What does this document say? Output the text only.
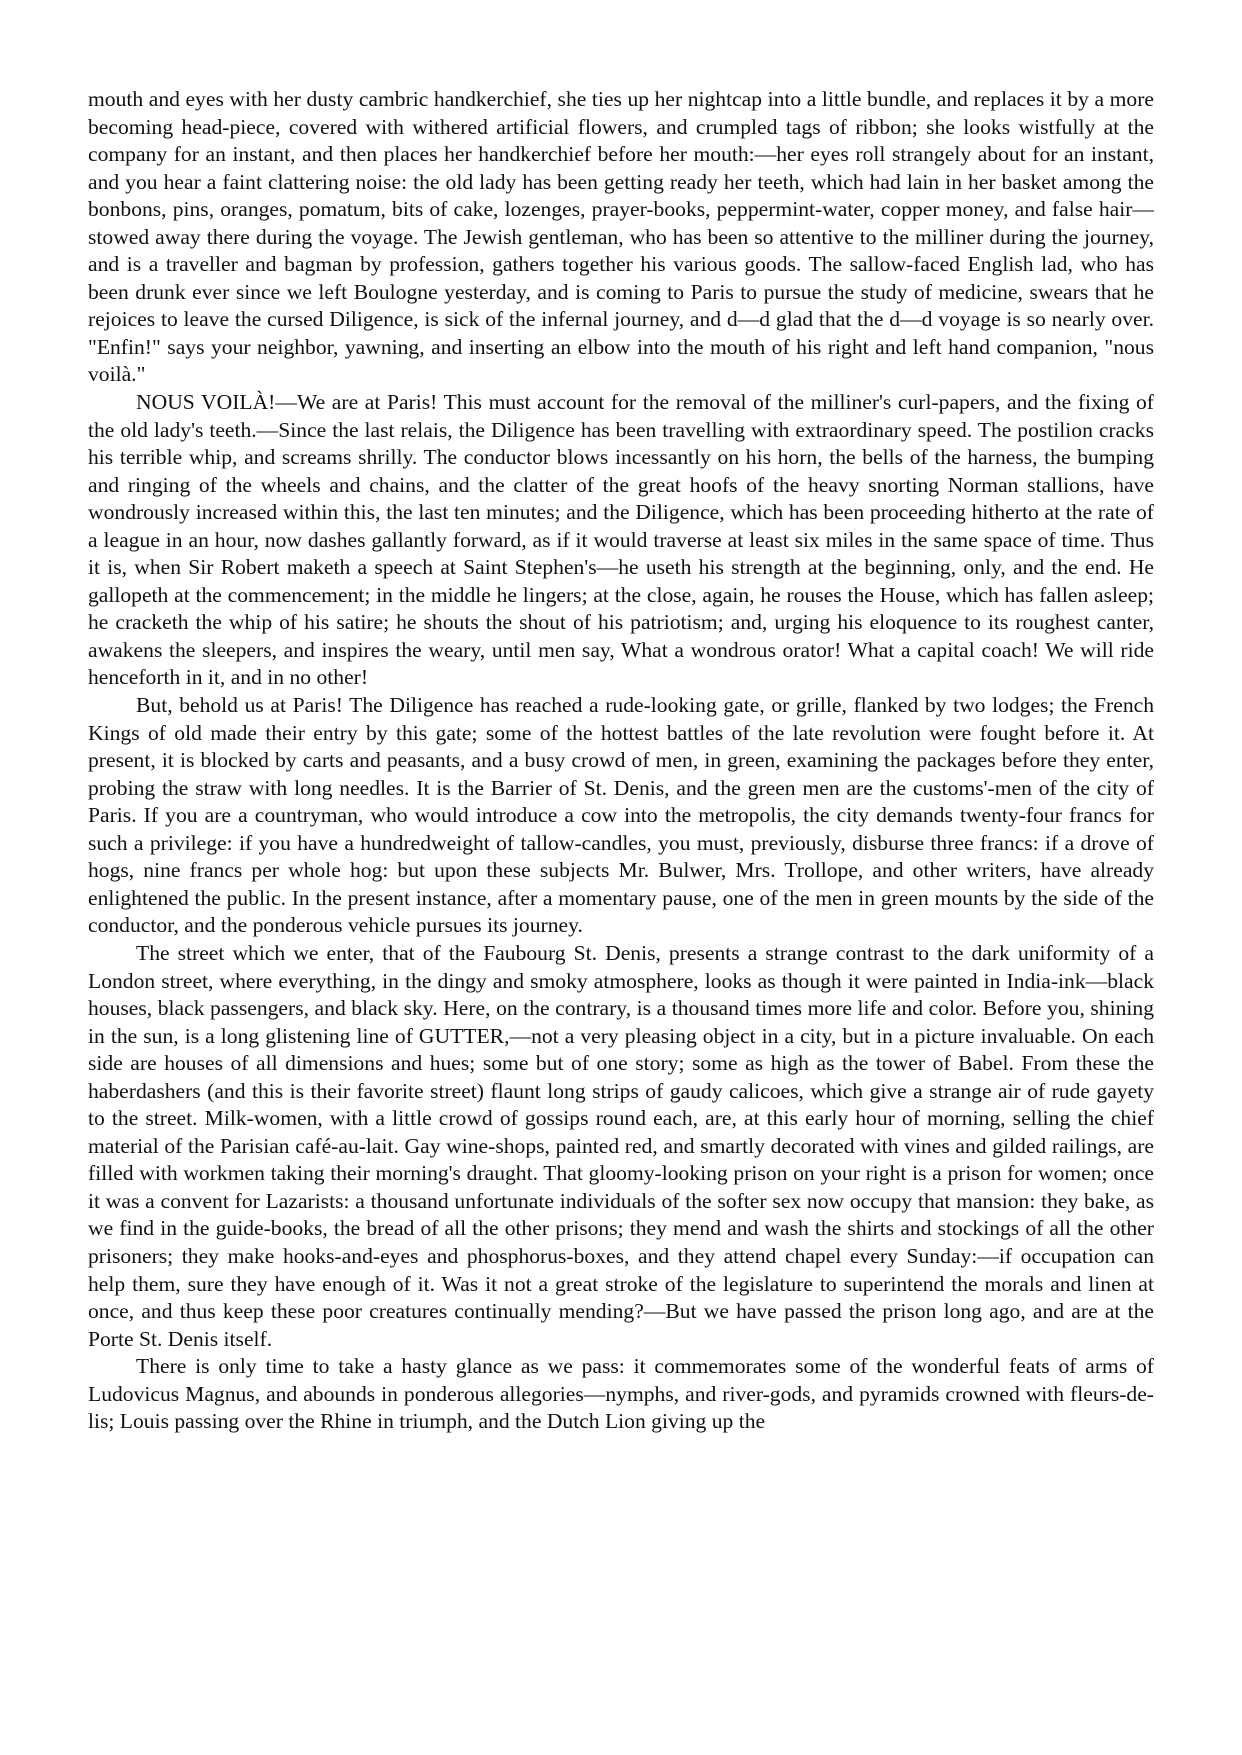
mouth and eyes with her dusty cambric handkerchief, she ties up her nightcap into a little bundle, and replaces it by a more becoming head-piece, covered with withered artificial flowers, and crumpled tags of ribbon; she looks wistfully at the company for an instant, and then places her handkerchief before her mouth:—her eyes roll strangely about for an instant, and you hear a faint clattering noise: the old lady has been getting ready her teeth, which had lain in her basket among the bonbons, pins, oranges, pomatum, bits of cake, lozenges, prayer-books, peppermint-water, copper money, and false hair—stowed away there during the voyage. The Jewish gentleman, who has been so attentive to the milliner during the journey, and is a traveller and bagman by profession, gathers together his various goods. The sallow-faced English lad, who has been drunk ever since we left Boulogne yesterday, and is coming to Paris to pursue the study of medicine, swears that he rejoices to leave the cursed Diligence, is sick of the infernal journey, and d—d glad that the d—d voyage is so nearly over. "Enfin!" says your neighbor, yawning, and inserting an elbow into the mouth of his right and left hand companion, "nous voilà."

NOUS VOILÀ!—We are at Paris! This must account for the removal of the milliner's curl-papers, and the fixing of the old lady's teeth.—Since the last relais, the Diligence has been travelling with extraordinary speed. The postilion cracks his terrible whip, and screams shrilly. The conductor blows incessantly on his horn, the bells of the harness, the bumping and ringing of the wheels and chains, and the clatter of the great hoofs of the heavy snorting Norman stallions, have wondrously increased within this, the last ten minutes; and the Diligence, which has been proceeding hitherto at the rate of a league in an hour, now dashes gallantly forward, as if it would traverse at least six miles in the same space of time. Thus it is, when Sir Robert maketh a speech at Saint Stephen's—he useth his strength at the beginning, only, and the end. He gallopeth at the commencement; in the middle he lingers; at the close, again, he rouses the House, which has fallen asleep; he cracketh the whip of his satire; he shouts the shout of his patriotism; and, urging his eloquence to its roughest canter, awakens the sleepers, and inspires the weary, until men say, What a wondrous orator! What a capital coach! We will ride henceforth in it, and in no other!

But, behold us at Paris! The Diligence has reached a rude-looking gate, or grille, flanked by two lodges; the French Kings of old made their entry by this gate; some of the hottest battles of the late revolution were fought before it. At present, it is blocked by carts and peasants, and a busy crowd of men, in green, examining the packages before they enter, probing the straw with long needles. It is the Barrier of St. Denis, and the green men are the customs'-men of the city of Paris. If you are a countryman, who would introduce a cow into the metropolis, the city demands twenty-four francs for such a privilege: if you have a hundredweight of tallow-candles, you must, previously, disburse three francs: if a drove of hogs, nine francs per whole hog: but upon these subjects Mr. Bulwer, Mrs. Trollope, and other writers, have already enlightened the public. In the present instance, after a momentary pause, one of the men in green mounts by the side of the conductor, and the ponderous vehicle pursues its journey.

The street which we enter, that of the Faubourg St. Denis, presents a strange contrast to the dark uniformity of a London street, where everything, in the dingy and smoky atmosphere, looks as though it were painted in India-ink—black houses, black passengers, and black sky. Here, on the contrary, is a thousand times more life and color. Before you, shining in the sun, is a long glistening line of GUTTER,—not a very pleasing object in a city, but in a picture invaluable. On each side are houses of all dimensions and hues; some but of one story; some as high as the tower of Babel. From these the haberdashers (and this is their favorite street) flaunt long strips of gaudy calicoes, which give a strange air of rude gayety to the street. Milk-women, with a little crowd of gossips round each, are, at this early hour of morning, selling the chief material of the Parisian café-au-lait. Gay wine-shops, painted red, and smartly decorated with vines and gilded railings, are filled with workmen taking their morning's draught. That gloomy-looking prison on your right is a prison for women; once it was a convent for Lazarists: a thousand unfortunate individuals of the softer sex now occupy that mansion: they bake, as we find in the guide-books, the bread of all the other prisons; they mend and wash the shirts and stockings of all the other prisoners; they make hooks-and-eyes and phosphorus-boxes, and they attend chapel every Sunday:—if occupation can help them, sure they have enough of it. Was it not a great stroke of the legislature to superintend the morals and linen at once, and thus keep these poor creatures continually mending?—But we have passed the prison long ago, and are at the Porte St. Denis itself.

There is only time to take a hasty glance as we pass: it commemorates some of the wonderful feats of arms of Ludovicus Magnus, and abounds in ponderous allegories—nymphs, and river-gods, and pyramids crowned with fleurs-de-lis; Louis passing over the Rhine in triumph, and the Dutch Lion giving up the
